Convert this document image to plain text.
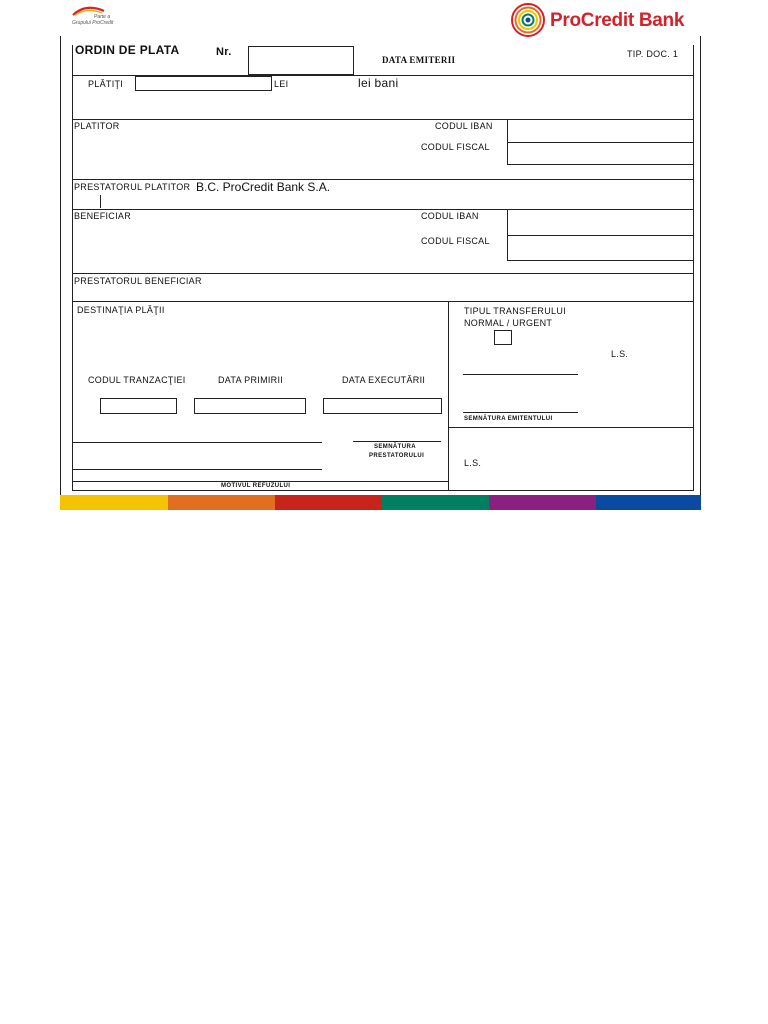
Parte a
Grupului ProCredit	ProCredit Bank
ORDIN DE PLATA	Nr.
DATA EMITERII
TIP. DOC. 1
PLĂTIŢI	LEI	lei bani
PLATITOR	CODUL IBAN
CODUL FISCAL
PRESTATORUL PLATITOR B.C. ProCredit Bank S.A.
BENEFICIAR	CODUL IBAN
CODUL FISCAL
PRESTATORUL BENEFICIAR
DESTINAŢIA PLĂŢII	TIPUL TRANSFERULUI
NORMAL / URGENT
L.S.
CODUL TRANZACŢIEI	DATA PRIMIRII	DATA EXECUTĂRII
SEMNĂTURA EMITENTULUI
SEMNĂTURA
PRESTATORULUI
MOTIVUL REFUZULUI
L.S.
